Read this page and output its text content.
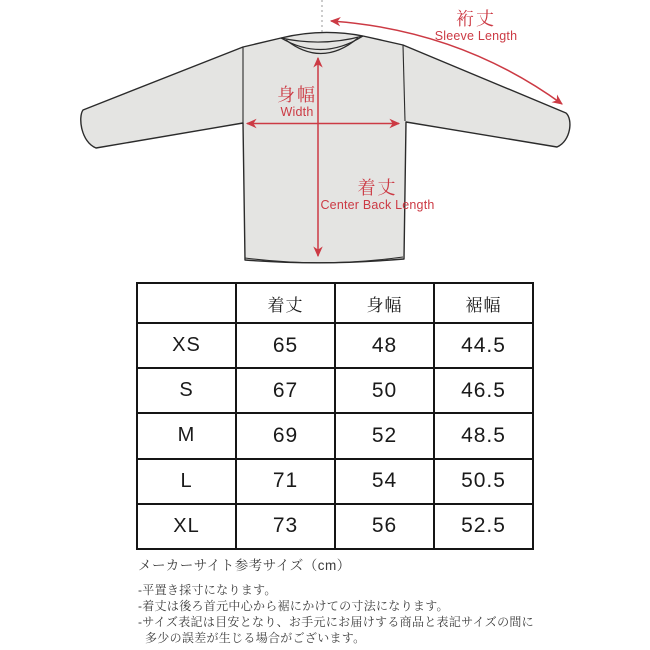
裄丈
Sleeve Length
身幅
Width
着丈
Center Back Length
	着丈	身幅	裾幅
XS	65	48	44.5
S	67	50	46.5
M	69	52	48.5
L	71	54	50.5
XL	73	56	52.5
メーカーサイト参考サイズ（cm）
-平置き採寸になります。
-着丈は後ろ首元中心から裾にかけての寸法になります。
-サイズ表記は目安となり、お手元にお届けする商品と表記サイズの間に
多少の誤差が生じる場合がございます。
